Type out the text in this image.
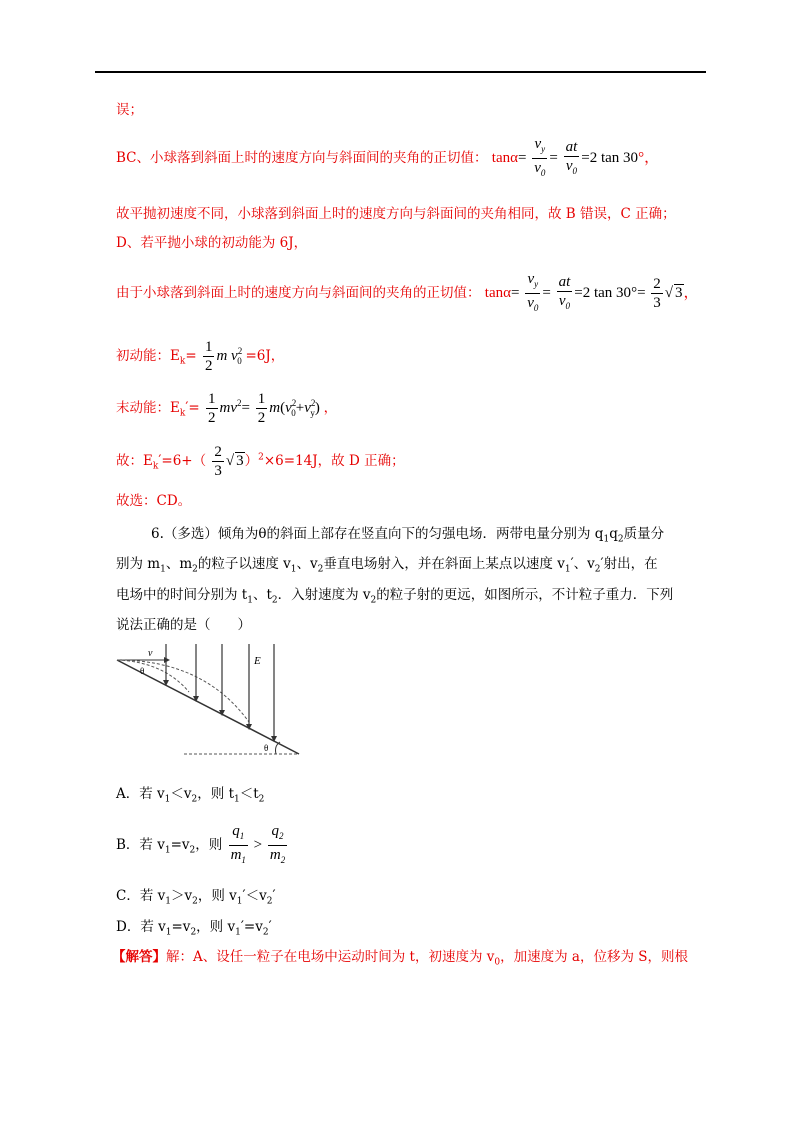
误；
BC、小球落到斜面上时的速度方向与斜面间的夹角的正切值： $\tan\alpha= \frac{v_y}{v_0} = \frac{at}{v_0} =2$ tan 30°，
故平抛初速度不同，小球落到斜面上时的速度方向与斜面间的夹角相同，故 B 错误，C 正确；
D、若平抛小球的初动能为 6J，
由于小球落到斜面上时的速度方向与斜面间的夹角的正切值： $\tan\alpha= \frac{v_y}{v_0} = \frac{at}{v_0} =2$ $\tan 30^\circ= \frac{2}{3}$ √ 3，
初动能：$E_k= \frac{1}{2}$ m $v^2_0 =6J$，
末动能：$E_k'= \frac{1}{2} mv^2= \frac{1}{2} m(v^2_0+v^2_y)$ ，
故：$E_k'=6+( \frac{2}{3}$ √ 3）$^2$×6=14J，故 D 正确；
故选：CD。
6.（多选）倾角为θ的斜面上部存在竖直向下的匀强电场．两带电量分别为 $q_1q_2$质量分
别为 $m_1$、$m_2$的粒子以速度 $v_1$、$v_2$垂直电场射入，并在斜面上某点以速度 $v_1'$、$v_2'$射出，在
电场中的时间分别为 $t_1$、$t_2$．入射速度为 $v_2$的粒子射的更远，如图所示，不计粒子重力．下列
说法正确的是（　　）
v
E
θ
θ
A．若 $v_1<v_2$，则 $t_1<t_2$
B．若 $v_1=v_2$，则 $\frac{q_1}{m_1} > \frac{q_2}{m_2}$
C．若 $v_1>v_2$，则 $v_1'<v_2'$
D．若 $v_1=v_2$，则 $v_1'=v_2'$
【解答】解：A、设任一粒子在电场中运动时间为 t，初速度为 $v_0$，加速度为 a，位移为 S，则根
